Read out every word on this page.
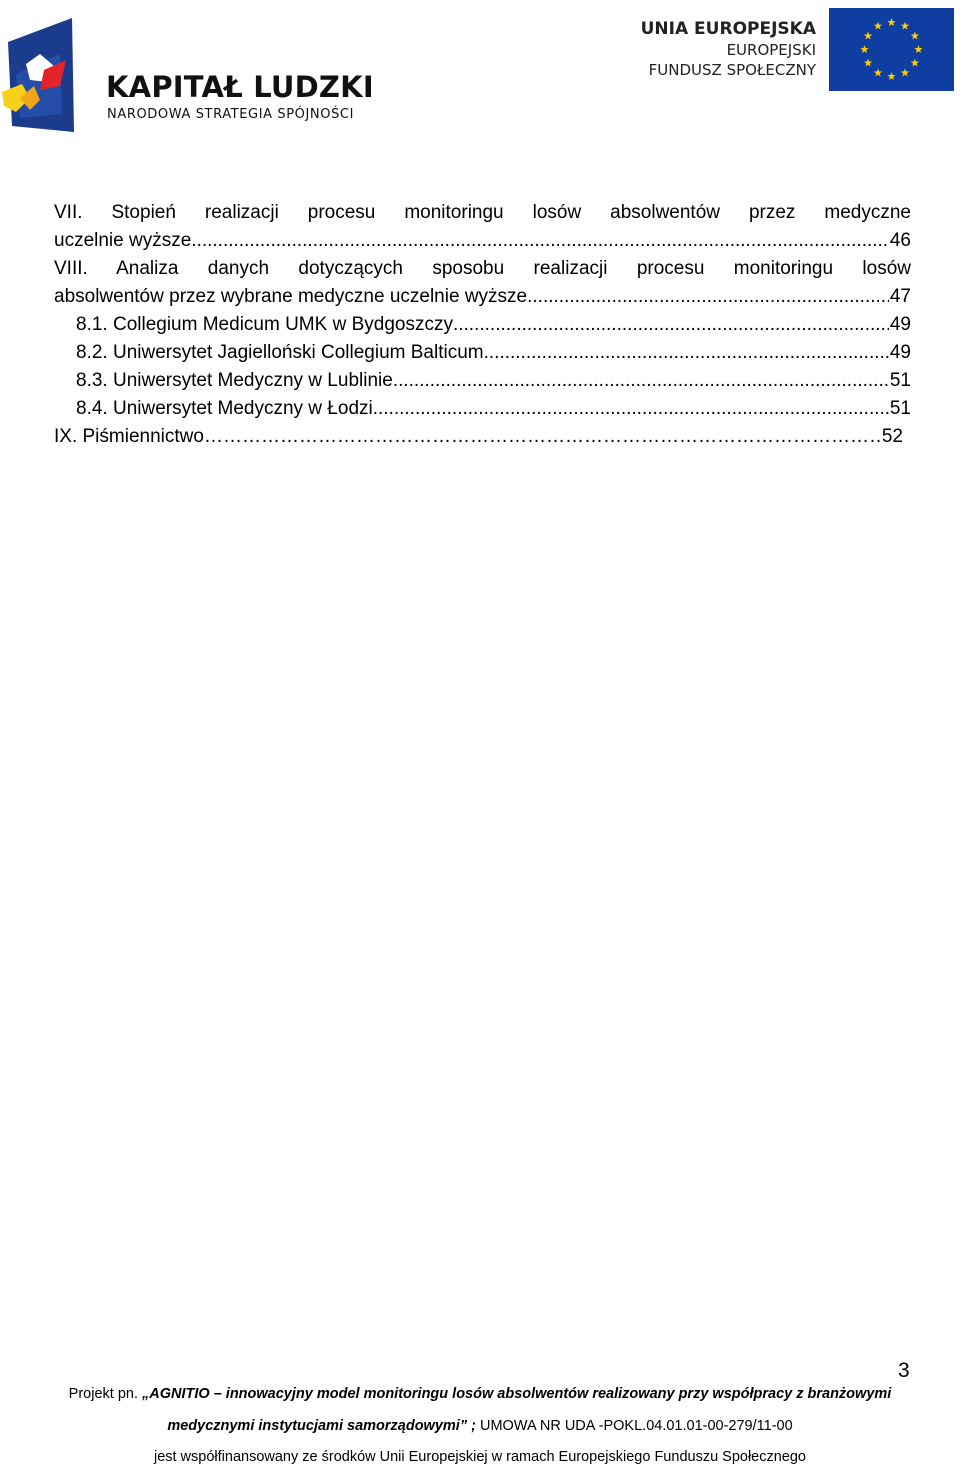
KAPITAŁ LUDZKI
NARODOWA STRATEGIA SPÓJNOŚCI
UNIA EUROPEJSKA
EUROPEJSKI
FUNDUSZ SPOŁECZNY
VII. Stopień realizacji procesu monitoringu losów absolwentów przez medyczne
uczelnie wyższe. .....	46
VIII. Analiza danych dotyczących sposobu realizacji procesu monitoringu losów
absolwentów przez wybrane medyczne uczelnie wyższe. .....	47
8.1. Collegium Medicum UMK w Bydgoszczy .....	49
8.2. Uniwersytet Jagielloński Collegium Balticum .....	49
8.3. Uniwersytet Medyczny w Lublinie .....	51
8.4. Uniwersytet Medyczny w Łodzi .....	51
IX. Piśmiennictwo ………………………………………………………………………………………………………………………………………………………………	52
3
Projekt pn. „AGNITIO – innowacyjny model monitoringu losów absolwentów realizowany przy współpracy z branżowymi
medycznymi instytucjami samorządowymi” ; UMOWA NR UDA -POKL.04.01.01-00-279/11-00
jest współfinansowany ze środków Unii Europejskiej w ramach Europejskiego Funduszu Społecznego
